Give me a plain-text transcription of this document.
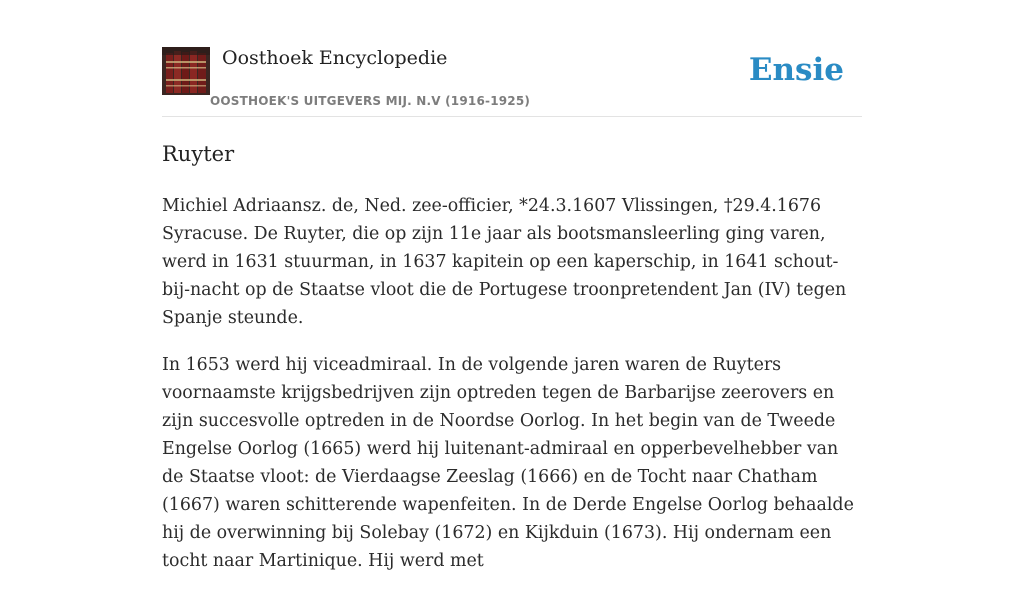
Oosthoek Encyclopedie
OOSTHOEK'S UITGEVERS MIJ. N.V (1916-1925)
Ensie
Ruyter

Michiel Adriaansz. de, Ned. zee-officier, *24.3.1607 Vlissingen, †29.4.1676 Syracuse. De Ruyter, die op zijn 11e jaar als bootsmansleerling ging varen, werd in 1631 stuurman, in 1637 kapitein op een kaperschip, in 1641 schout-bij-nacht op de Staatse vloot die de Portugese troonpretendent Jan (IV) tegen Spanje steunde.

In 1653 werd hij viceadmiraal. In de volgende jaren waren de Ruyters voornaamste krijgsbedrijven zijn optreden tegen de Barbarijse zeerovers en zijn succesvolle optreden in de Noordse Oorlog. In het begin van de Tweede Engelse Oorlog (1665) werd hij luitenant-admiraal en opperbevelhebber van de Staatse vloot: de Vierdaagse Zeeslag (1666) en de Tocht naar Chatham (1667) waren schitterende wapenfeiten. In de Derde Engelse Oorlog behaalde hij de overwinning bij Solebay (1672) en Kijkduin (1673). Hij ondernam een tocht naar Martinique. Hij werd met
